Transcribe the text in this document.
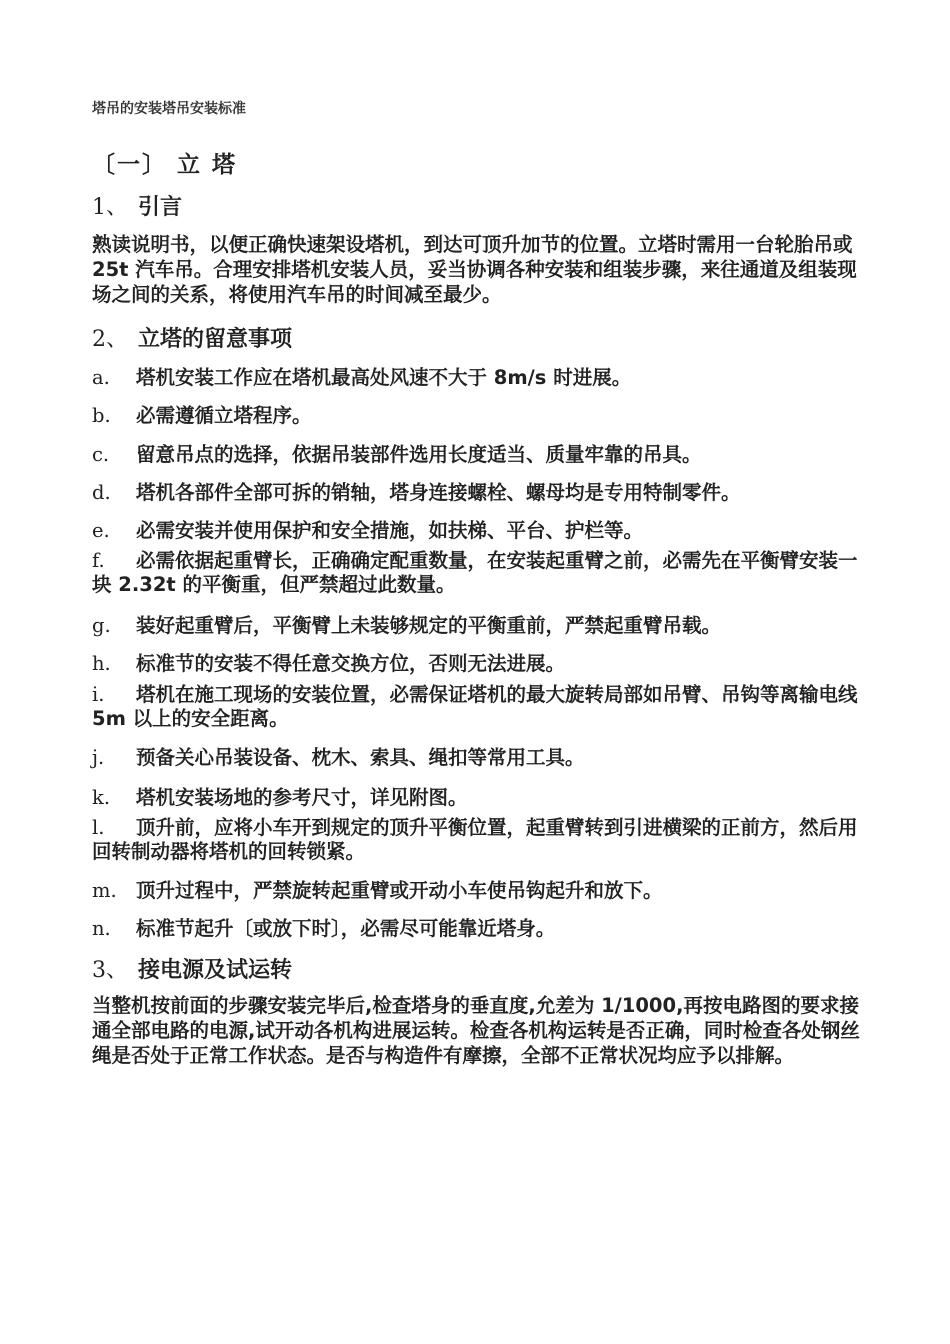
塔吊的安装塔吊安装标准
〔一〕 立 塔
1、 引言
熟读说明书，以便正确快速架设塔机，到达可顶升加节的位置。立塔时需用一台轮胎吊或 25t 汽车吊。合理安排塔机安装人员，妥当协调各种安装和组装步骤，来往通道及组装现场之间的关系，将使用汽车吊的时间减至最少。
2、 立塔的留意事项
a. 塔机安装工作应在塔机最高处风速不大于 8m/s 时进展。
b. 必需遵循立塔程序。
c. 留意吊点的选择，依据吊装部件选用长度适当、质量牢靠的吊具。
d. 塔机各部件全部可拆的销轴，塔身连接螺栓、螺母均是专用特制零件。
e. 必需安装并使用保护和安全措施，如扶梯、平台、护栏等。
f. 必需依据起重臂长，正确确定配重数量，在安装起重臂之前，必需先在平衡臂安装一块 2.32t 的平衡重，但严禁超过此数量。
g. 装好起重臂后，平衡臂上未装够规定的平衡重前，严禁起重臂吊载。
h. 标准节的安装不得任意交换方位，否则无法进展。
i. 塔机在施工现场的安装位置，必需保证塔机的最大旋转局部如吊臂、吊钩等离输电线 5m 以上的安全距离。
j. 预备关心吊装设备、枕木、索具、绳扣等常用工具。
k. 塔机安装场地的参考尺寸，详见附图。
l. 顶升前，应将小车开到规定的顶升平衡位置，起重臂转到引进横梁的正前方，然后用回转制动器将塔机的回转锁紧。
m. 顶升过程中，严禁旋转起重臂或开动小车使吊钩起升和放下。
n. 标准节起升〔或放下时〕，必需尽可能靠近塔身。
3、 接电源及试运转
当整机按前面的步骤安装完毕后,检查塔身的垂直度,允差为 1/1000,再按电路图的要求接通全部电路的电源,试开动各机构进展运转。检查各机构运转是否正确，同时检查各处钢丝绳是否处于正常工作状态。是否与构造件有摩擦，全部不正常状况均应予以排解。
